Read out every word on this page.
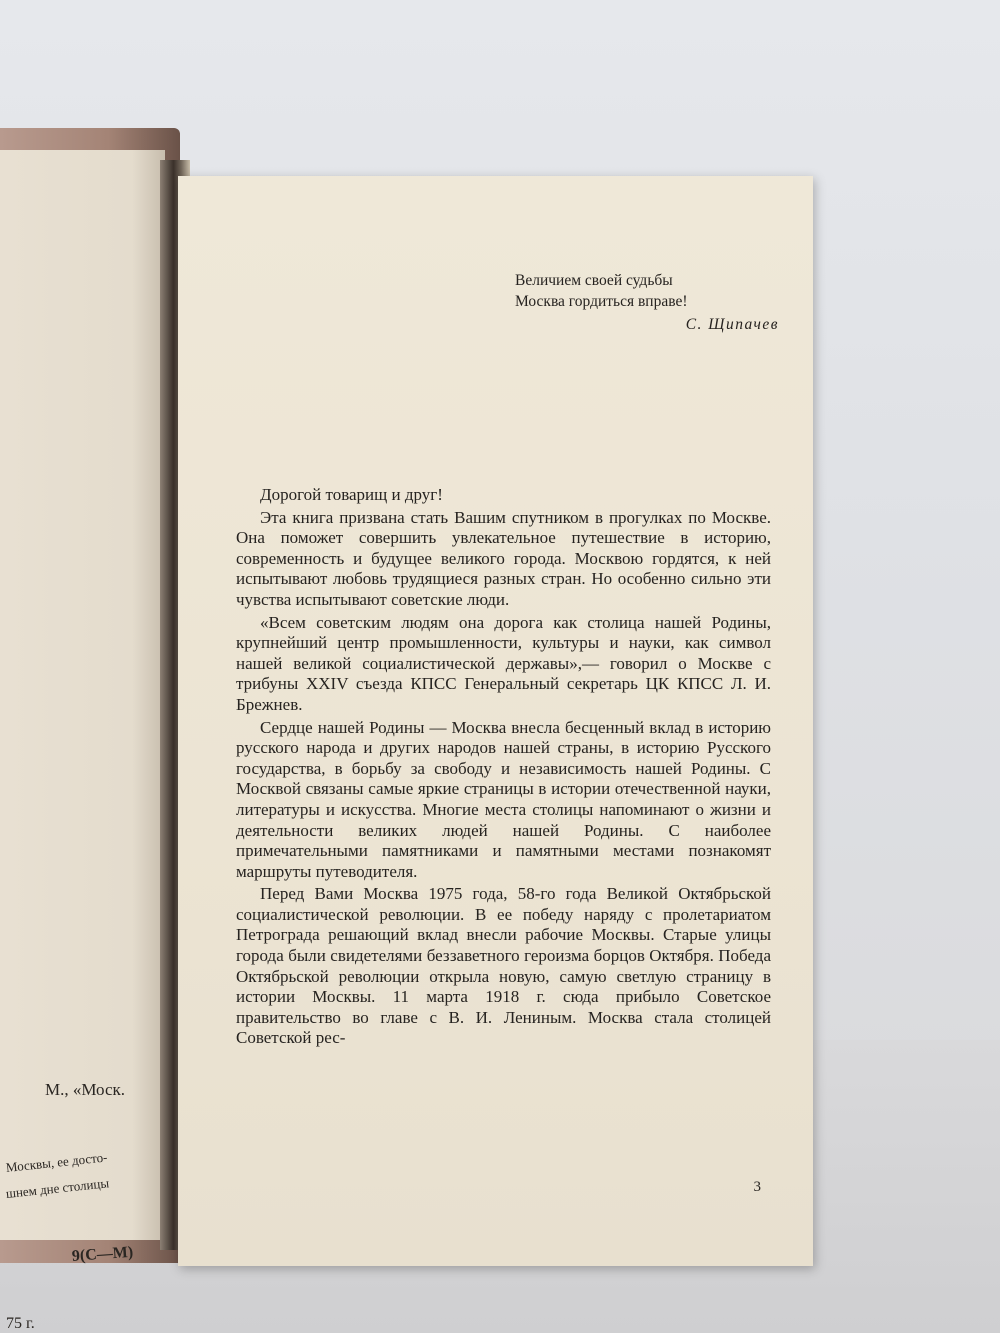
М., «Моск.
Москвы, ее досто-
шнем дне столицы
9(С—М)
75 г.
Величием своей судьбы
Москва гордиться вправе!
С. Щипачев

Дорогой товарищ и друг!

Эта книга призвана стать Вашим спутником в прогулках по Москве. Она поможет совершить увлекательное путешествие в историю, современность и будущее великого города. Москвою гордятся, к ней испытывают любовь трудящиеся разных стран. Но особенно сильно эти чувства испытывают советские люди.

«Всем советским людям она дорога как столица нашей Родины, крупнейший центр промышленности, культуры и науки, как символ нашей великой социалистической державы»,— говорил о Москве с трибуны XXIV съезда КПСС Генеральный секретарь ЦК КПСС Л. И. Брежнев.

Сердце нашей Родины — Москва внесла бесценный вклад в историю русского народа и других народов нашей страны, в историю Русского государства, в борьбу за свободу и независимость нашей Родины. С Москвой связаны самые яркие страницы в истории отечественной науки, литературы и искусства. Многие места столицы напоминают о жизни и деятельности великих людей нашей Родины. С наиболее примечательными памятниками и памятными местами познакомят маршруты путеводителя.

Перед Вами Москва 1975 года, 58-го года Великой Октябрьской социалистической революции. В ее победу наряду с пролетариатом Петрограда решающий вклад внесли рабочие Москвы. Старые улицы города были свидетелями беззаветного героизма борцов Октября. Победа Октябрьской революции открыла новую, самую светлую страницу в истории Москвы. 11 марта 1918 г. сюда прибыло Советское правительство во главе с В. И. Лениным. Москва стала столицей Советской рес-

3
